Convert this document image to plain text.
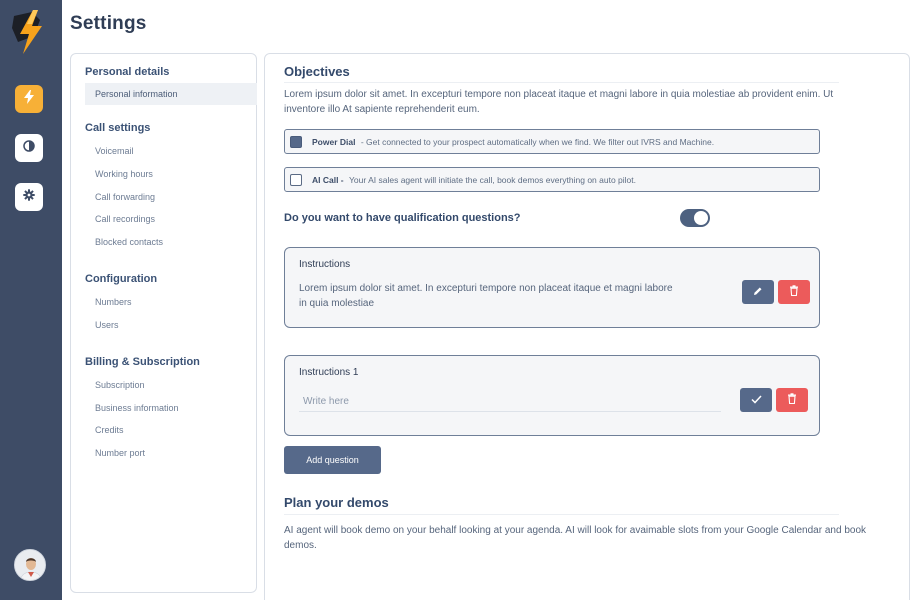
Settings
Personal details
Personal information
Call settings
Voicemail
Working hours
Call forwarding
Call recordings
Blocked contacts
Configuration
Numbers
Users
Billing & Subscription
Subscription
Business information
Credits
Number port
Objectives
Lorem ipsum dolor sit amet. In excepturi tempore non placeat itaque et magni labore in quia molestiae ab provident enim. Ut inventore illo At sapiente reprehenderit eum.
Power Dial - Get connected to your prospect automatically when we find. We filter out IVRS and Machine.
AI Call -
Your AI sales agent will initiate the call, book demos everything on auto pilot.
Do you want to have qualification questions?
Instructions
Lorem ipsum dolor sit amet. In excepturi tempore non placeat itaque et magni labore in quia molestiae
Instructions 1
Write here
Add question
Plan your demos
AI agent will book demo on your behalf looking at your agenda. AI will look for avaimable slots from your Google Calendar and book demos.
